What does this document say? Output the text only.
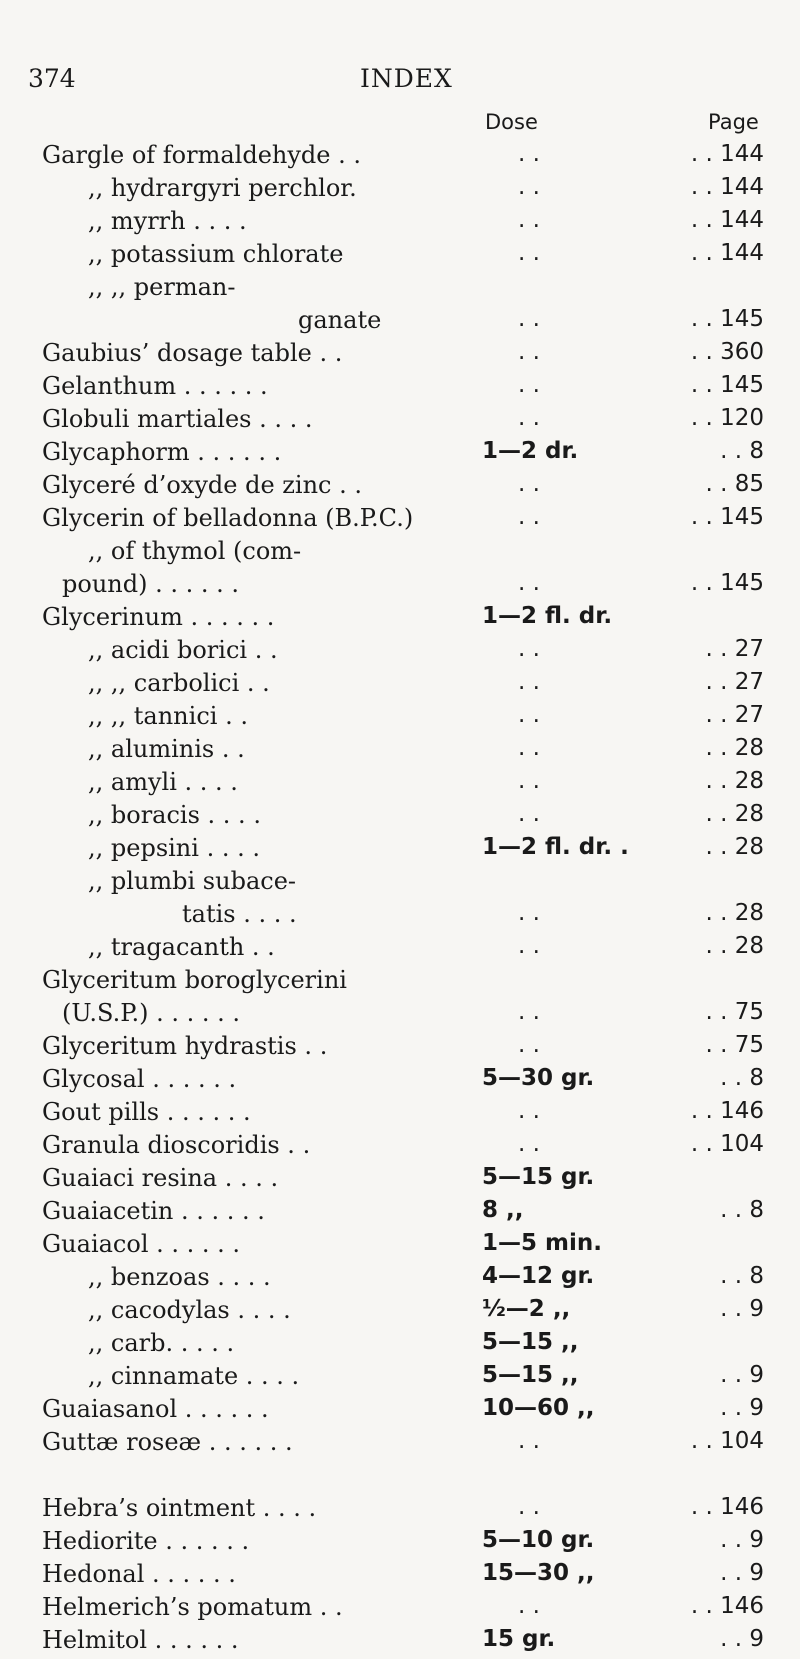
374	INDEX
Dose	Page
Gargle of formaldehyde . .	. .	. . 144
,, hydrargyri perchlor.	. .	. . 144
,, myrrh . . . .	. .	. . 144
,, potassium chlorate	. .	. . 144
,, ,, perman-
ganate	. .	. . 145
Gaubius’ dosage table . .	. .	. . 360
Gelanthum . . . . . .	. .	. . 145
Globuli martiales . . . .	. .	. . 120
Glycaphorm . . . . . .	1—2 dr.	. . 8
Glyceré d’oxyde de zinc . .	. .	. . 85
Glycerin of belladonna (B.P.C.)	. .	. . 145
,, of thymol (com-
pound) . . . . . .	. .	. . 145
Glycerinum . . . . . .	1—2 fl. dr.
,, acidi borici . .	. .	. . 27
,, ,, carbolici . .	. .	. . 27
,, ,, tannici . .	. .	. . 27
,, aluminis . .	. .	. . 28
,, amyli . . . .	. .	. . 28
,, boracis . . . .	. .	. . 28
,, pepsini . . . .	1—2 fl. dr. .	. . 28
,, plumbi subace-
tatis . . . .	. .	. . 28
,, tragacanth . .	. .	. . 28
Glyceritum boroglycerini
(U.S.P.) . . . . . .	. .	. . 75
Glyceritum hydrastis . .	. .	. . 75
Glycosal . . . . . .	5—30 gr.	. . 8
Gout pills . . . . . .	. .	. . 146
Granula dioscoridis . .	. .	. . 104
Guaiaci resina . . . .	5—15 gr.
Guaiacetin . . . . . .	8 ,,	. . 8
Guaiacol . . . . . .	1—5 min.
,, benzoas . . . .	4—12 gr.	. . 8
,, cacodylas . . . .	½—2 ,,	. . 9
,, carb. . . . .	5—15 ,,
,, cinnamate . . . .	5—15 ,,	. . 9
Guaiasanol . . . . . .	10—60 ,,	. . 9
Guttæ roseæ . . . . . .	. .	. . 104
Hebra’s ointment . . . .	. .	. . 146
Hediorite . . . . . .	5—10 gr.	. . 9
Hedonal . . . . . .	15—30 ,,	. . 9
Helmerich’s pomatum . .	. .	. . 146
Helmitol . . . . . .	15 gr.	. . 9
